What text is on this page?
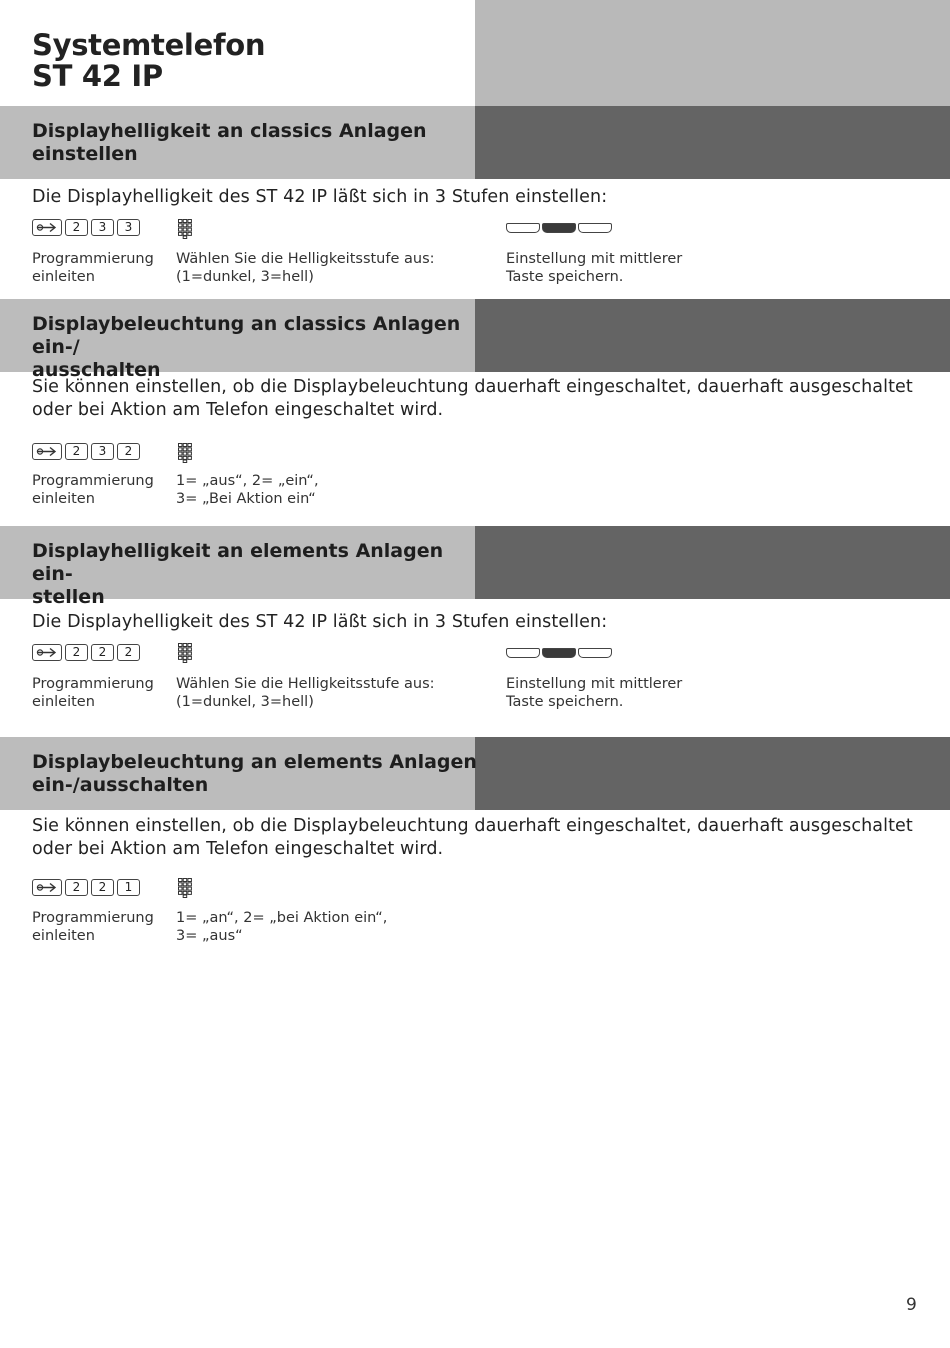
Systemtelefon
ST 42 IP
Displayhelligkeit an classics Anlagen
einstellen
Die Displayhelligkeit des ST 42 IP läßt sich in 3 Stufen einstellen:
2	3	3
Programmierung
einleiten
Wählen Sie die Helligkeitsstufe aus:
(1=dunkel, 3=hell)
Einstellung mit mittlerer
Taste speichern.
Displaybeleuchtung an classics Anlagen ein-/
ausschalten
Sie können einstellen, ob die Displaybeleuchtung dauerhaft eingeschaltet, dauerhaft ausgeschaltet
oder bei Aktion am Telefon eingeschaltet wird.
2	3	2
Programmierung
einleiten
1= „aus“, 2= „ein“,
3= „Bei Aktion ein“
Displayhelligkeit an elements Anlagen ein-
stellen
Die Displayhelligkeit des ST 42 IP läßt sich in 3 Stufen einstellen:
2	2	2
Programmierung
einleiten
Wählen Sie die Helligkeitsstufe aus:
(1=dunkel, 3=hell)
Einstellung mit mittlerer
Taste speichern.
Displaybeleuchtung an elements Anlagen
ein-/ausschalten
Sie können einstellen, ob die Displaybeleuchtung dauerhaft eingeschaltet, dauerhaft ausgeschaltet
oder bei Aktion am Telefon eingeschaltet wird.
2	2	1
Programmierung
einleiten
1= „an“, 2= „bei Aktion ein“,
3= „aus“
9
